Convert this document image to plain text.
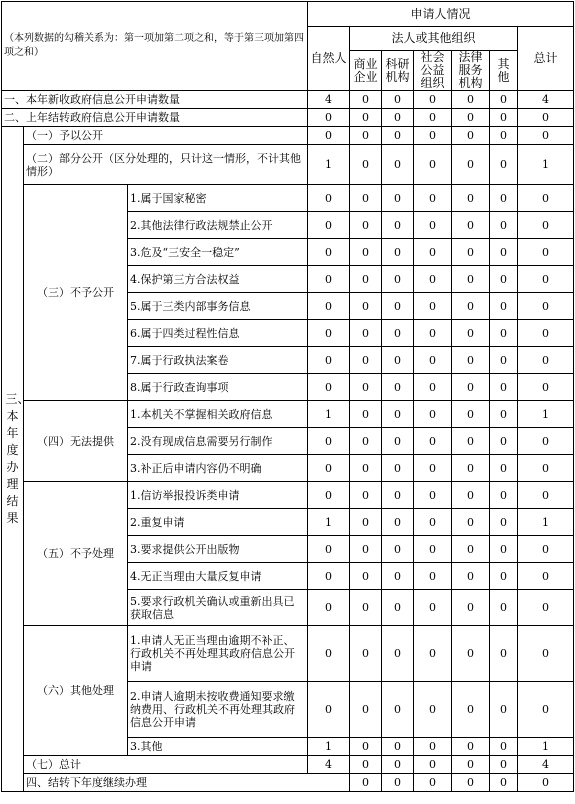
（本列数据的勾稽关系为：第一项加第二项之和，等于第三项加第四项之和）			申请人情况							
			自然人	法人或其他组织					总计	
				商业企业	科研机构	社会公益组织	法律服务机构	其他		
一、本年新收政府信息公开申请数量			4	0	0	0	0	0	4	
二、上年结转政府信息公开申请数量			0	0	0	0	0	0	0	

三、本年度办理结果	（一）予以公开		0	0	0	0	0	0	0	
	（二）部分公开（区分处理的，只计这一情形，不计其他情形）		1	0	0	0	0	0	1	
	（三）不予公开	1.属于国家秘密	0	0	0	0	0	0	0	
		2.其他法律行政法规禁止公开	0	0	0	0	0	0	0	
		3.危及“三安全一稳定”	0	0	0	0	0	0	0	
		4.保护第三方合法权益	0	0	0	0	0	0	0	
		5.属于三类内部事务信息	0	0	0	0	0	0	0	
		6.属于四类过程性信息	0	0	0	0	0	0	0	
		7.属于行政执法案卷	0	0	0	0	0	0	0	
		8.属于行政查询事项	0	0	0	0	0	0	0	
	（四）无法提供	1.本机关不掌握相关政府信息	1	0	0	0	0	0	1	
		2.没有现成信息需要另行制作	0	0	0	0	0	0	0	
		3.补正后申请内容仍不明确	0	0	0	0	0	0	0	
	（五）不予处理	1.信访举报投诉类申请	0	0	0	0	0	0	0	
		2.重复申请	1	0	0	0	0	0	1	
		3.要求提供公开出版物	0	0	0	0	0	0	0	
		4.无正当理由大量反复申请	0	0	0	0	0	0	0	
		5.要求行政机关确认或重新出具已获取信息	0	0	0	0	0	0	0	
	（六）其他处理	1.申请人无正当理由逾期不补正、行政机关不再处理其政府信息公开申请	0	0	0	0	0	0	0	
		2.申请人逾期未按收费通知要求缴纳费用、行政机关不再处理其政府信息公开申请	0	0	0	0	0	0	0	
		3.其他	1	0	0	0	0	0	1	
	（七）总计		4	0	0	0	0	0	4	
	四、结转下年度继续办理			0	0	0	0	0	0	
